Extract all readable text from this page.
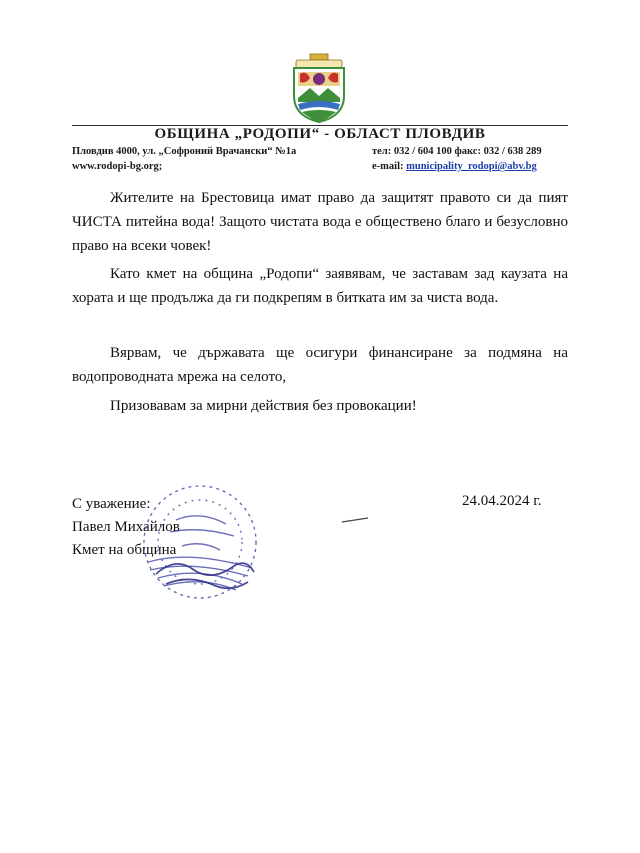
ОБЩИНА „РОДОПИ“ - ОБЛАСТ ПЛОВДИВ
Пловдив 4000, ул. „Софроний Врачански“ №1а
www.rodopi-bg.org;
тел: 032 / 604 100 факс: 032 / 638 289
e-mail: municipality_rodopi@abv.bg

Жителите на Брестовица имат право да защитят правото си да пият ЧИСТА питейна вода! Защото чистата вода е обществено благо и безусловно право на всеки човек!

Като кмет на община „Родопи“ заявявам, че заставам зад каузата на хората и ще продължа да ги подкрепям в битката им за чиста вода.

Вярвам, че държавата ще осигури финансиране за подмяна на водопроводната мрежа на селото,

Призовавам за мирни действия без провокации!

С уважение:	24.04.2024 г.
Павел Михайлов
Кмет на община
